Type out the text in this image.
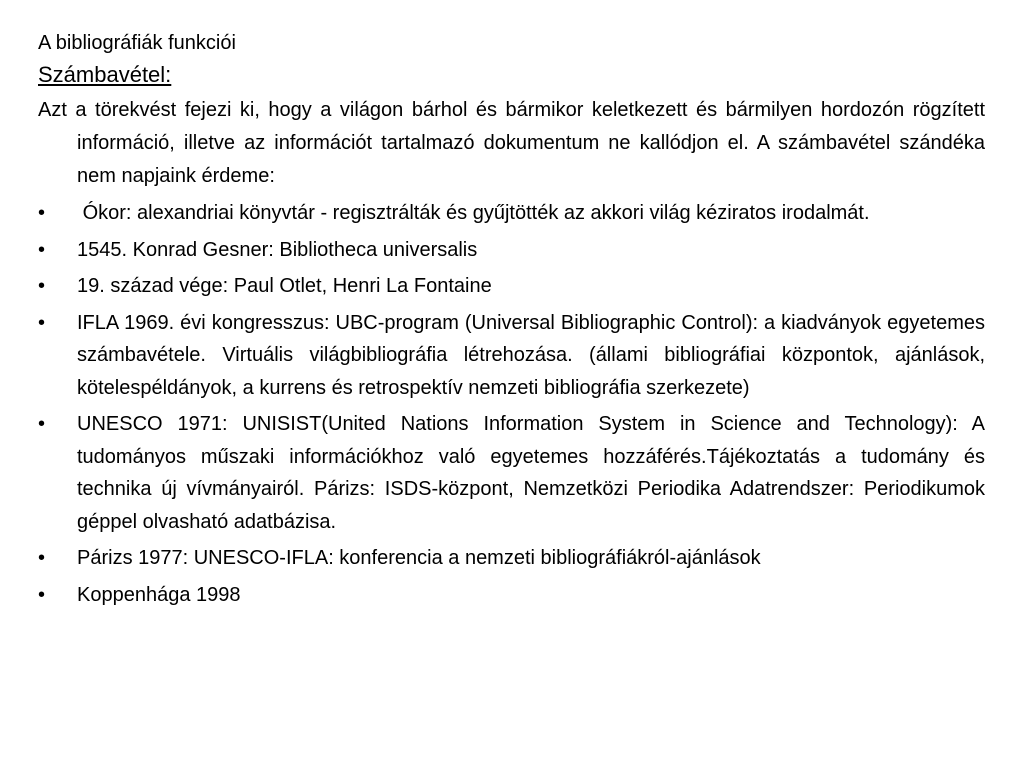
A bibliográfiák funkciói
Számbavétel:
Azt a törekvést fejezi ki, hogy a világon bárhol és bármikor keletkezett és bármilyen hordozón rögzített információ, illetve az információt tartalmazó dokumentum ne kallódjon el. A számbavétel szándéka nem napjaink érdeme:
•	Ókor: alexandriai könyvtár - regisztrálták és gyűjtötték az akkori világ kéziratos irodalmát.
•	1545. Konrad Gesner: Bibliotheca universalis
•	19. század vége: Paul Otlet, Henri La Fontaine
•	IFLA 1969. évi kongresszus: UBC-program (Universal Bibliographic Control): a kiadványok egyetemes számbavétele. Virtuális világbibliográfia létrehozása. (állami bibliográfiai központok, ajánlások, kötelespéldányok, a kurrens és retrospektív nemzeti bibliográfia szerkezete)
•	UNESCO 1971: UNISIST(United Nations Information System in Science and Technology): A tudományos műszaki információkhoz való egyetemes hozzáférés.Tájékoztatás a tudomány és technika új vívmányairól. Párizs: ISDS-központ, Nemzetközi Periodika Adatrendszer: Periodikumok géppel olvasható adatbázisa.
•	Párizs 1977: UNESCO-IFLA: konferencia a nemzeti bibliográfiákról-ajánlások
•	Koppenhága 1998
